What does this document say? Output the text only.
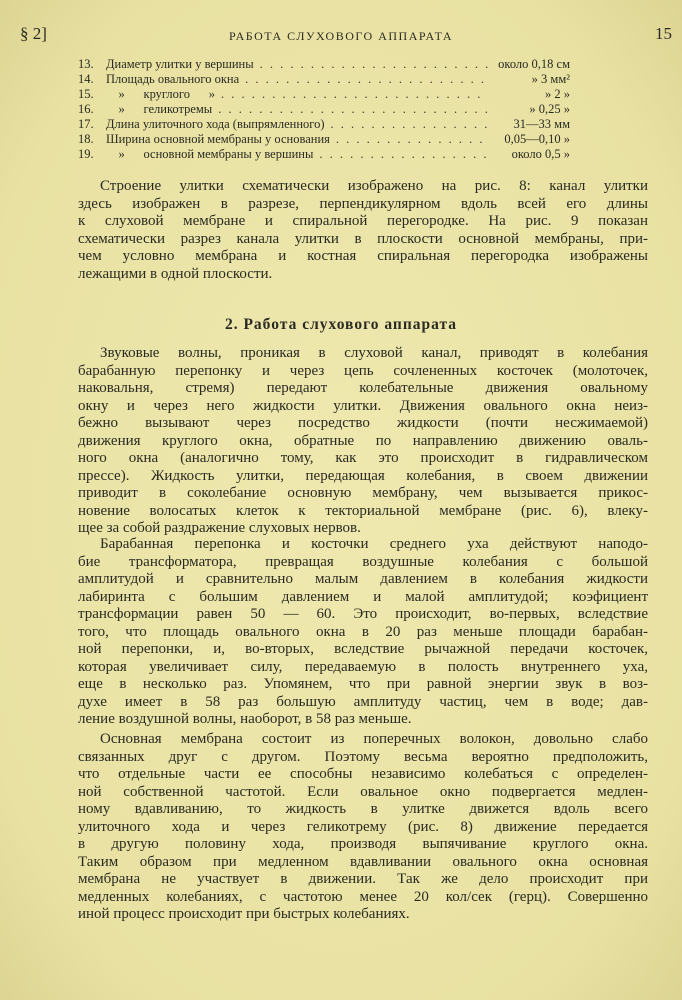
§ 2]	РАБОТА СЛУХОВОГО АППАРАТА	15
13. Диаметр улитки у вершины . . .	около 0,18 см
14. Площадь овального окна . . .	» 3 мм²
15. »      круглого      » . . .	» 2 »
16. »      геликотремы . . .	» 0,25 »
17. Длина улиточного хода (выпрямленного) . . .	31—33 мм
18. Ширина основной мембраны у основания . . .	0,05—0,10 »
19. »      основной мембраны у вершины . . .	около 0,5 »
Строение улитки схематически изображено на рис. 8: канал улитки
здесь изображен в разрезе, перпендикулярном вдоль всей его длины
к слуховой мембране и спиральной перегородке. На рис. 9 показан
схематически разрез канала улитки в плоскости основной мембраны, при-
чем условно мембрана и костная спиральная перегородка изображены
лежащими в одной плоскости.
2. Работа слухового аппарата
Звуковые волны, проникая в слуховой канал, приводят в колебания
барабанную перепонку и через цепь сочлененных косточек (молоточек,
наковальня, стремя) передают колебательные движения овальному
окну и через него жидкости улитки. Движения овального окна неиз-
бежно вызывают через посредство жидкости (почти несжимаемой)
движения круглого окна, обратные по направлению движению оваль-
ного окна (аналогично тому, как это происходит в гидравлическом
прессе). Жидкость улитки, передающая колебания, в своем движении
приводит в соколебание основную мембрану, чем вызывается прикос-
новение волосатых клеток к текториальной мембране (рис. 6), влеку-
щее за собой раздражение слуховых нервов.
Барабанная перепонка и косточки среднего уха действуют наподо-
бие трансформатора, превращая воздушные колебания с большой
амплитудой и сравнительно малым давлением в колебания жидкости
лабиринта с большим давлением и малой амплитудой; коэфициент
трансформации равен 50 — 60. Это происходит, во-первых, вследствие
того, что площадь овального окна в 20 раз меньше площади барабан-
ной перепонки, и, во-вторых, вследствие рычажной передачи косточек,
которая увеличивает силу, передаваемую в полость внутреннего уха,
еще в несколько раз. Упомянем, что при равной энергии звук в воз-
духе имеет в 58 раз большую амплитуду частиц, чем в воде; дав-
ление воздушной волны, наоборот, в 58 раз меньше.
Основная мембрана состоит из поперечных волокон, довольно слабо
связанных друг с другом. Поэтому весьма вероятно предположить,
что отдельные части ее способны независимо колебаться с определен-
ной собственной частотой. Если овальное окно подвергается медлен-
ному вдавливанию, то жидкость в улитке движется вдоль всего
улиточного хода и через геликотрему (рис. 8) движение передается
в другую половину хода, производя выпячивание круглого окна.
Таким образом при медленном вдавливании овального окна основная
мембрана не участвует в движении. Так же дело происходит при
медленных колебаниях, с частотою менее 20 кол/сек (герц). Совершенно
иной процесс происходит при быстрых колебаниях.
